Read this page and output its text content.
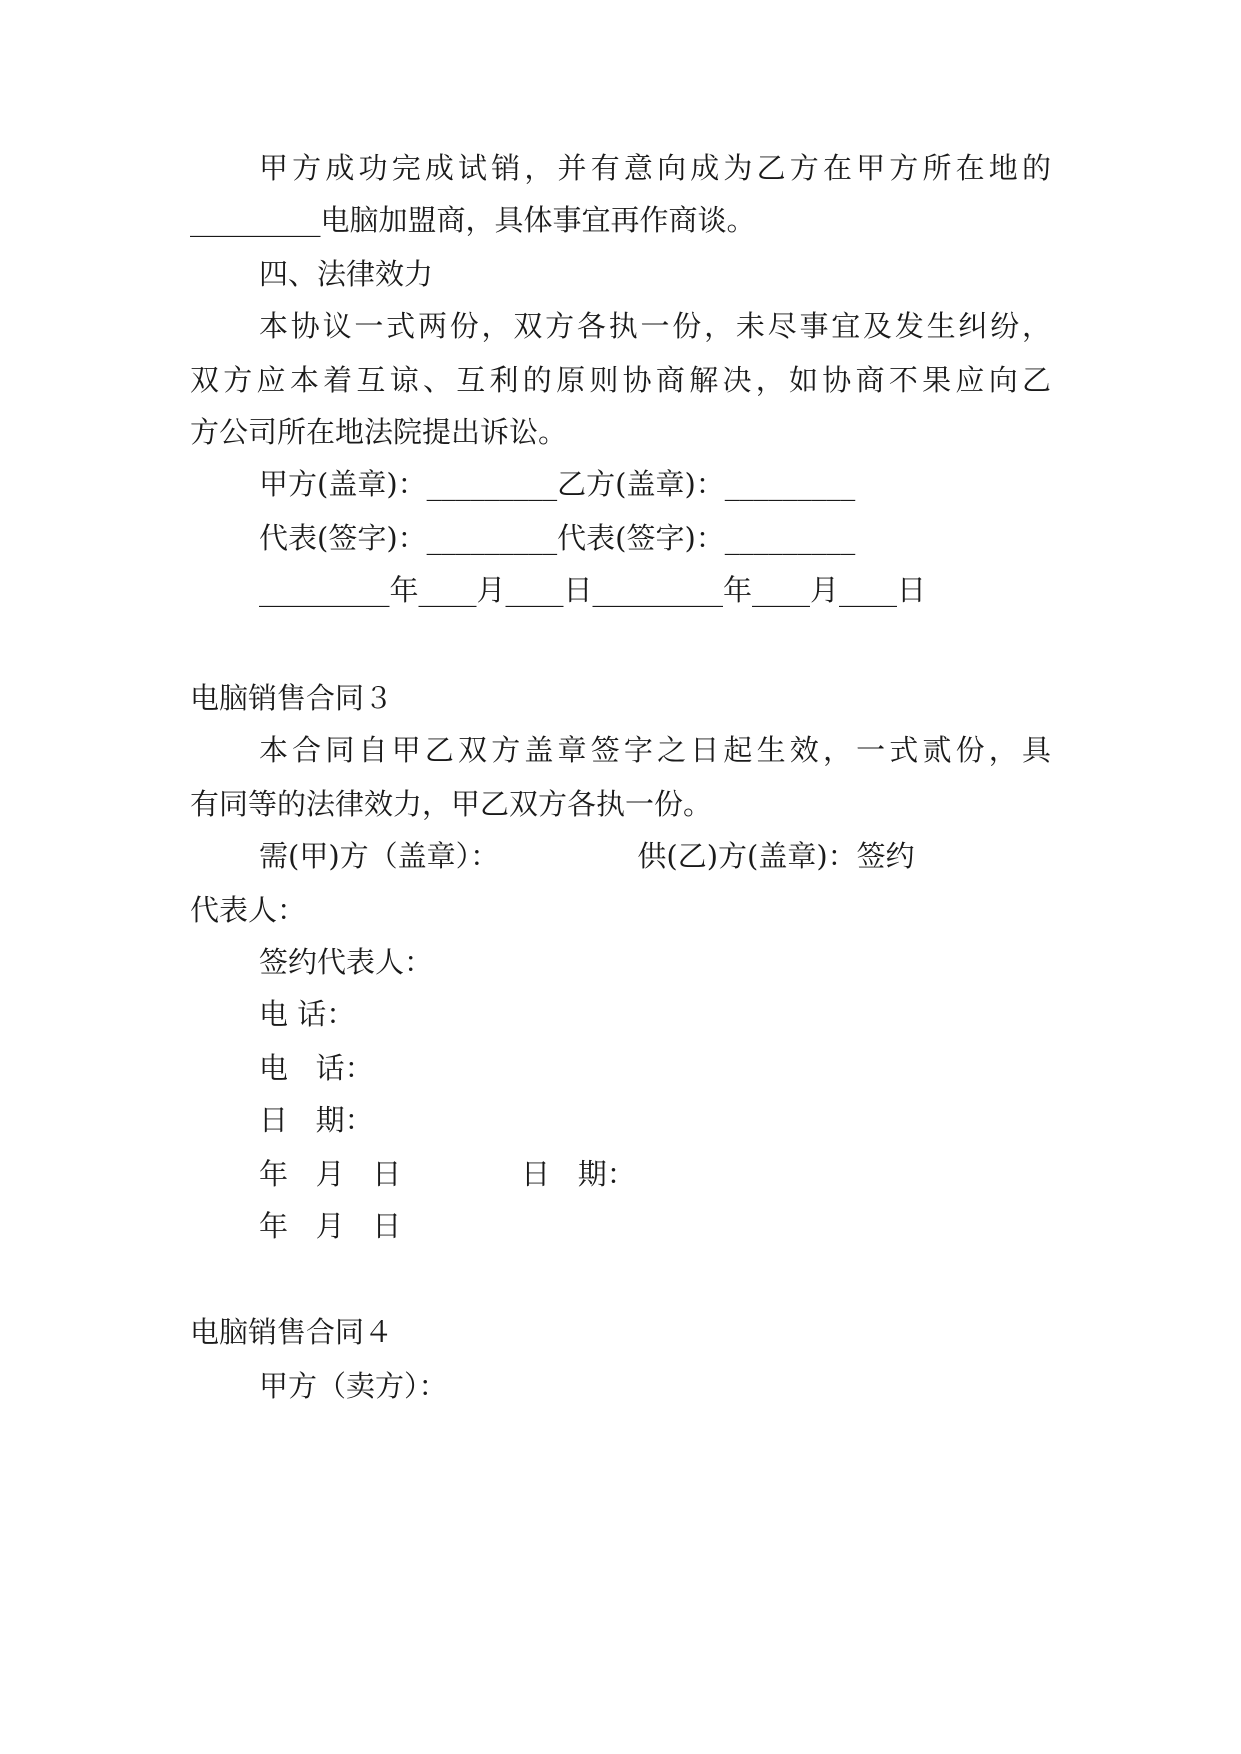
甲方成功完成试销，并有意向成为乙方在甲方所在地的
_________电脑加盟商，具体事宜再作商谈。
四、法律效力
本协议一式两份，双方各执一份，未尽事宜及发生纠纷，
双方应本着互谅、互利的原则协商解决，如协商不果应向乙
方公司所在地法院提出诉讼。
甲方(盖章)：_________乙方(盖章)：_________
代表(签字)：_________代表(签字)：_________
_________年____月____日_________年____月____日
电脑销售合同３
本合同自甲乙双方盖章签字之日起生效，一式贰份，具
有同等的法律效力，甲乙双方各执一份。
需(甲)方（盖章）：               供(乙)方(盖章)：签约
代表人：
签约代表人：
电 话：
电   话：
日   期：
年   月   日             日   期：
年   月   日
电脑销售合同４
甲方（卖方）：
